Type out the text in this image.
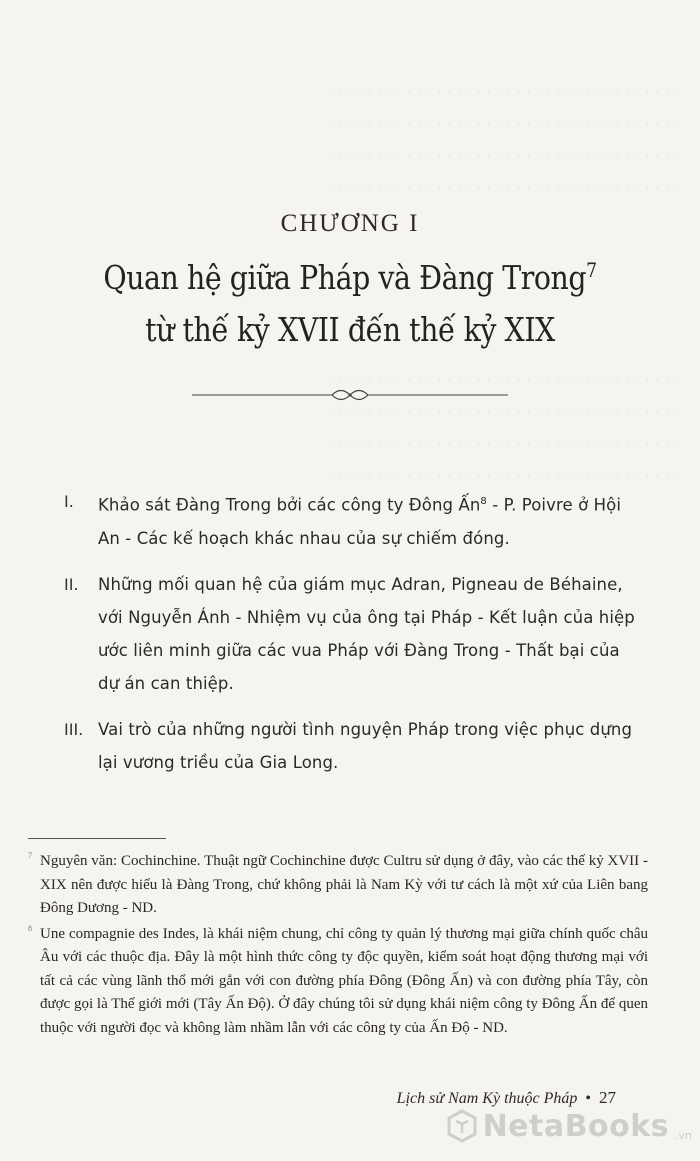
· · · · · · · · · · · · · · · · · · · · · · · · · · · · · · · · · · · ·
· · · · · · · · · · · · · · · · · · · · · · · · · · · · · · · · · · · ·
· · · · · · · · · · · · · · · · · · · · · · · · · · · · · · · · · · · ·
· · · · · · · · · · · · · · · · · · · · · · · · · · · · · · · · · · · ·
· · · · · · · · · · · · · · · · · · · · · · · · · · · · · · · · · · · ·
· · · · · · · · · · · · · · · · · · · · · · · · · · · · · · · · · · · ·
· · · · · · · · · · · · · · · · · · · · · · · · · · · · · · · · · · · ·
· · · · · · · · · · · · · · · · · · · · · · · · · · · · · · · · · · · ·
CHƯƠNG I
Quan hệ giữa Pháp và Đàng Trong$^7$
từ thế kỷ XVII đến thế kỷ XIX
I. Khảo sát Đàng Trong bởi các công ty Đông Ấn$^8$ - P. Poivre ở Hội An - Các kế hoạch khác nhau của sự chiếm đóng.
II. Những mối quan hệ của giám mục Adran, Pigneau de Béhaine, với Nguyễn Ánh - Nhiệm vụ của ông tại Pháp - Kết luận của hiệp ước liên minh giữa các vua Pháp với Đàng Trong - Thất bại của dự án can thiệp.
III. Vai trò của những người tình nguyện Pháp trong việc phục dựng lại vương triều của Gia Long.
7 Nguyên văn: Cochinchine. Thuật ngữ Cochinchine được Cultru sử dụng ở đây, vào các thế kỷ XVII - XIX nên được hiểu là Đàng Trong, chứ không phải là Nam Kỳ với tư cách là một xứ của Liên bang Đông Dương - ND.
8 Une compagnie des Indes, là khái niệm chung, chỉ công ty quản lý thương mại giữa chính quốc châu Âu với các thuộc địa. Đây là một hình thức công ty độc quyền, kiểm soát hoạt động thương mại với tất cả các vùng lãnh thổ mới gắn với con đường phía Đông (Đông Ấn) và con đường phía Tây, còn được gọi là Thế giới mới (Tây Ấn Độ). Ở đây chúng tôi sử dụng khái niệm công ty Đông Ấn để quen thuộc với người đọc và không làm nhầm lẫn với các công ty của Ấn Độ - ND.
Lịch sử Nam Kỳ thuộc Pháp • 27
NetaBooks .vn
